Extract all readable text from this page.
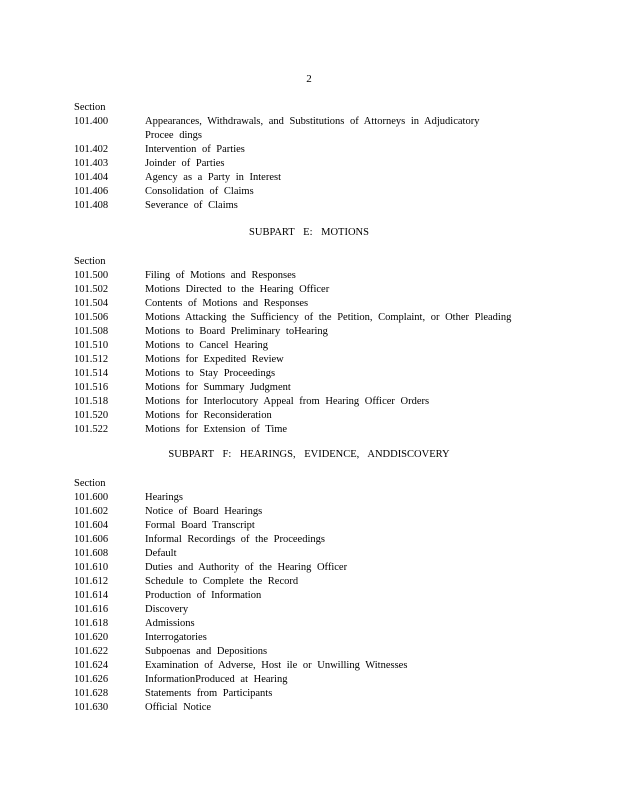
2
Section
101.400	Appearances, Withdrawals, and Substitutions of Attorneys in Adjudicatory Procee dings
101.402	Intervention of Parties
101.403	Joinder of Parties
101.404	Agency as a Party in Interest
101.406	Consolidation of Claims
101.408	Severance of Claims
SUBPART E: MOTIONS
Section
101.500	Filing of Motions and Responses
101.502	Motions Directed to the Hearing Officer
101.504	Contents of Motions and Responses
101.506	Motions Attacking the Sufficiency of the Petition, Complaint, or Other Pleading
101.508	Motions to Board Preliminary toHearing
101.510	Motions to Cancel Hearing
101.512	Motions for Expedited Review
101.514	Motions to Stay Proceedings
101.516	Motions for Summary Judgment
101.518	Motions for Interlocutory Appeal from Hearing Officer Orders
101.520	Motions for Reconsideration
101.522	Motions for Extension of Time
SUBPART F: HEARINGS, EVIDENCE, ANDDISCOVERY
Section
101.600	Hearings
101.602	Notice of Board Hearings
101.604	Formal Board Transcript
101.606	Informal Recordings of the Proceedings
101.608	Default
101.610	Duties and Authority of the Hearing Officer
101.612	Schedule to Complete the Record
101.614	Production of Information
101.616	Discovery
101.618	Admissions
101.620	Interrogatories
101.622	Subpoenas and Depositions
101.624	Examination of Adverse, Host ile or Unwilling Witnesses
101.626	InformationProduced at Hearing
101.628	Statements from Participants
101.630	Official Notice
